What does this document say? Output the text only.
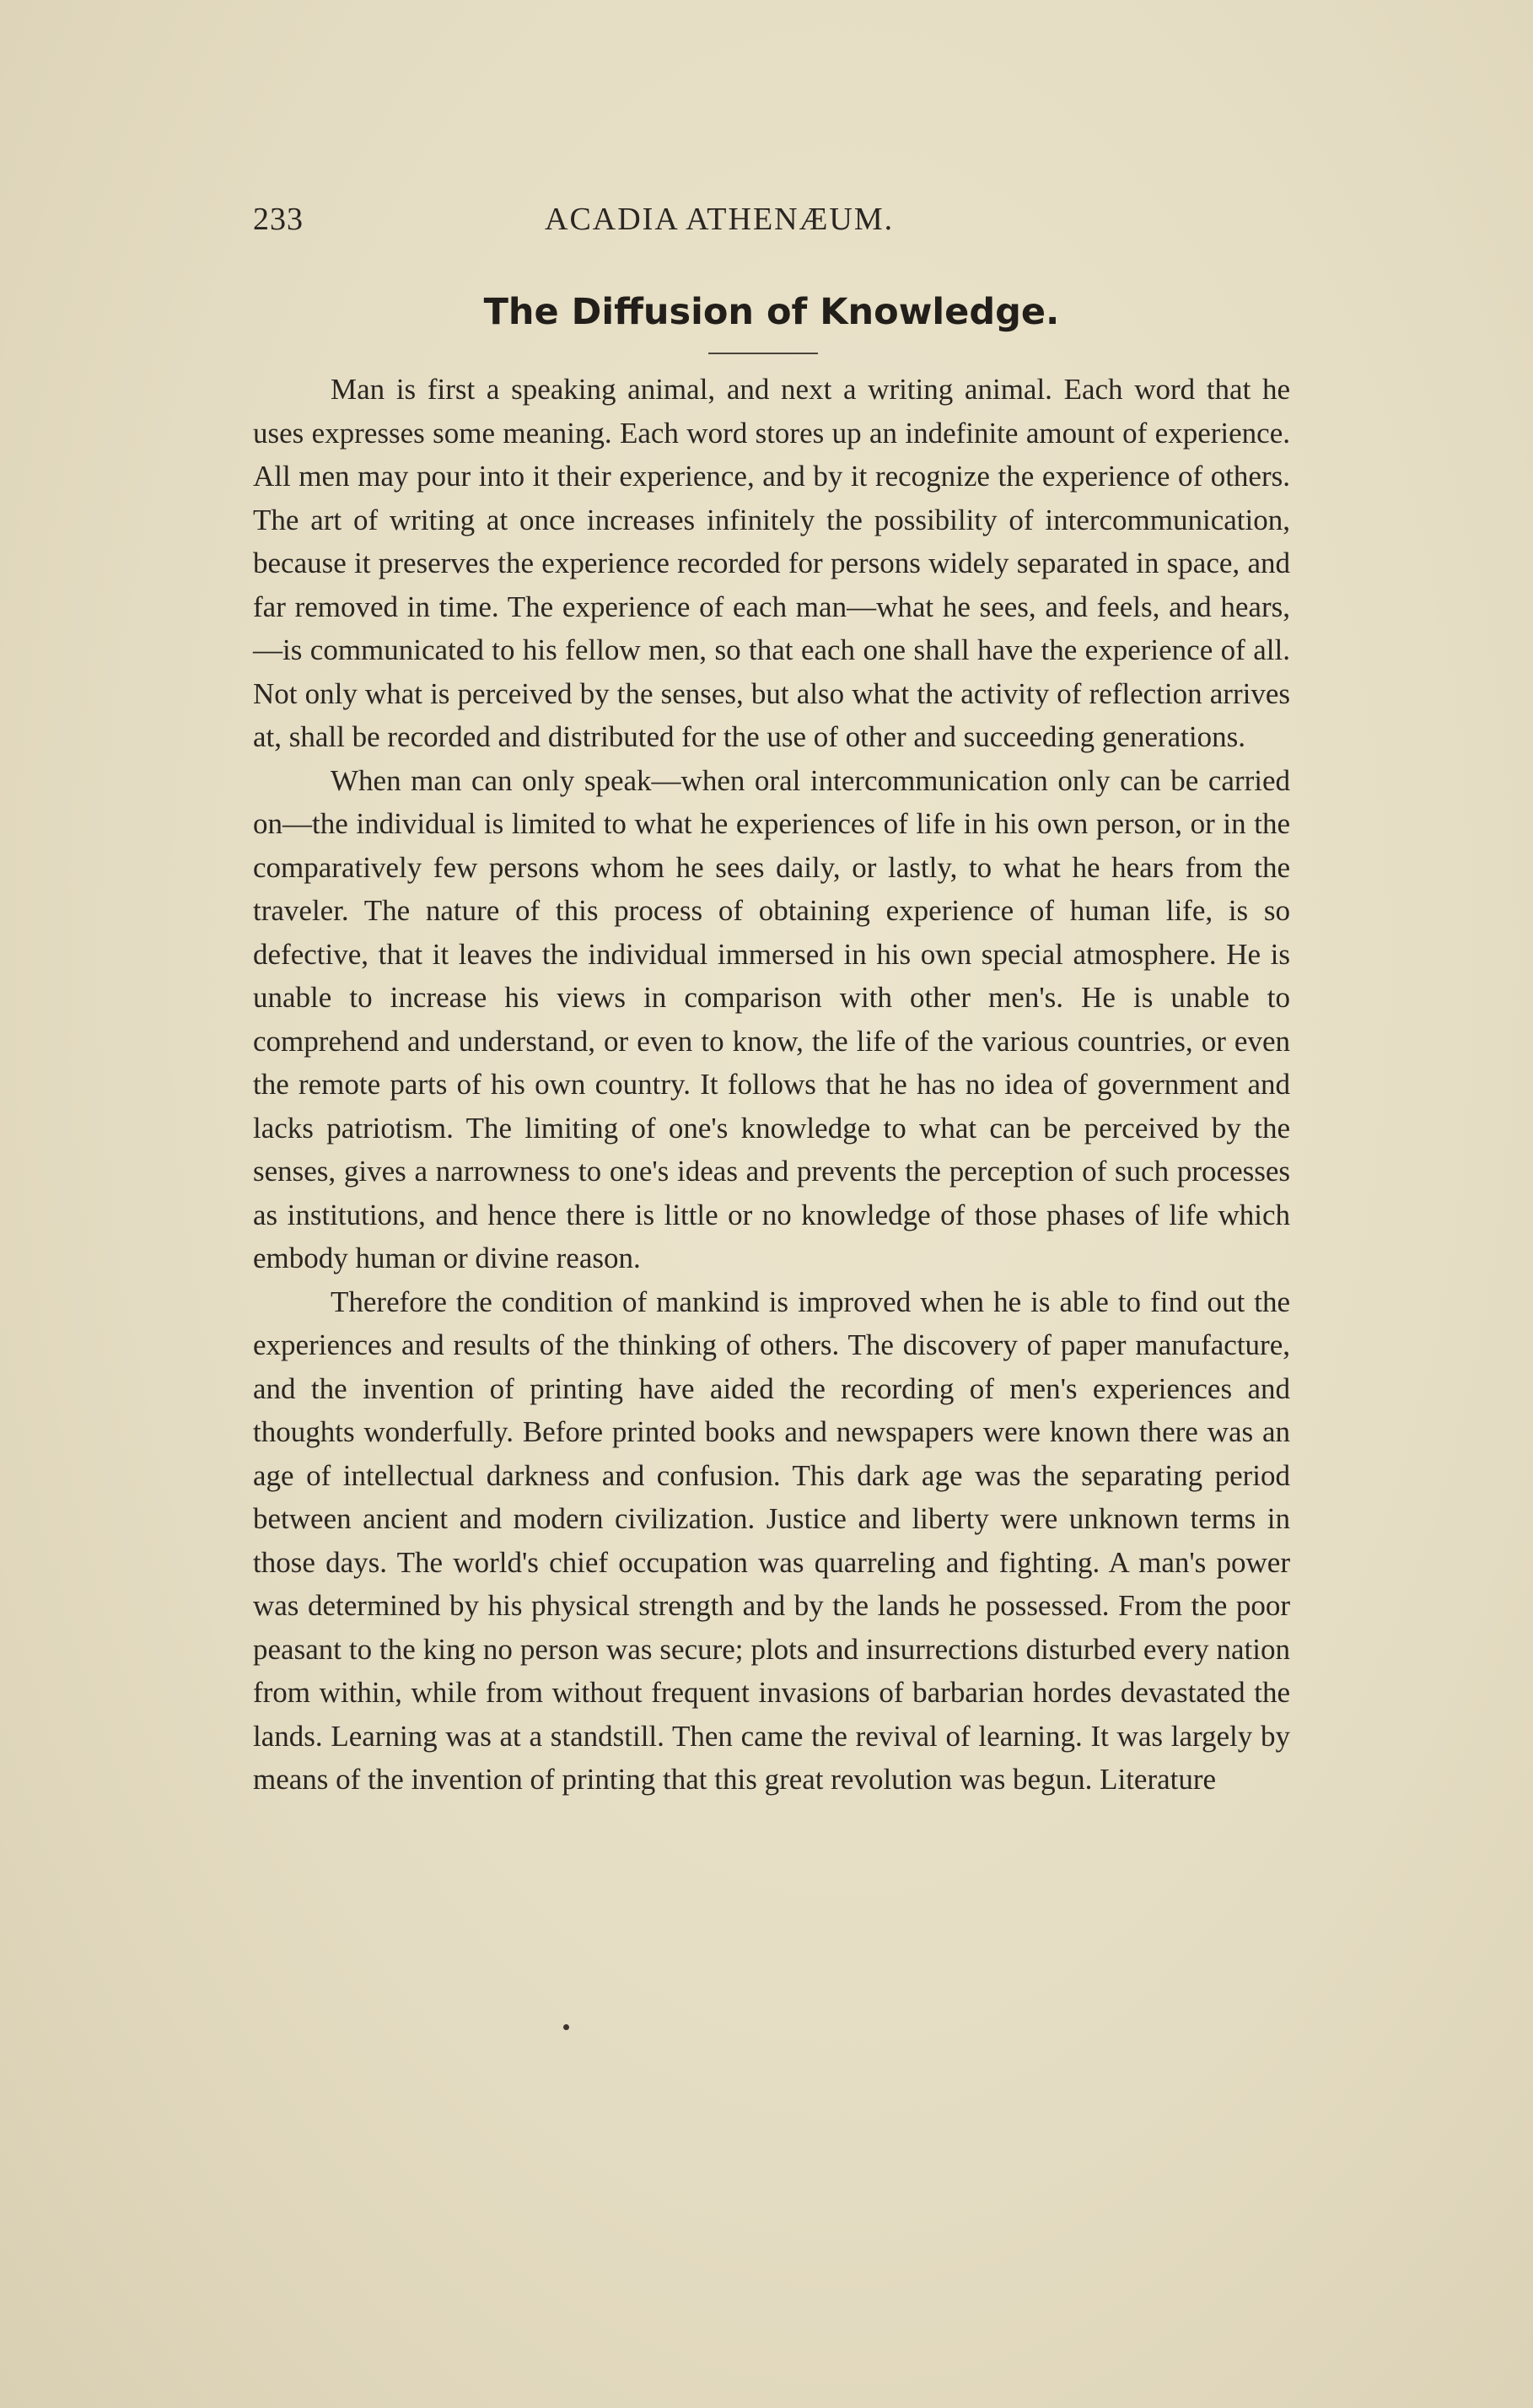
233	ACADIA ATHENÆUM.
The Diffusion of Knowledge.

Man is first a speaking animal, and next a writing animal. Each word that he uses expresses some meaning. Each word stores up an indefinite amount of experience. All men may pour into it their experience, and by it recognize the experience of others. The art of writing at once increases infinitely the possibility of intercommunication, because it preserves the experience recorded for persons widely separated in space, and far removed in time. The experience of each man—what he sees, and feels, and hears,—is communicated to his fellow men, so that each one shall have the experience of all. Not only what is perceived by the senses, but also what the activity of reflection arrives at, shall be recorded and distributed for the use of other and succeeding generations.

When man can only speak—when oral intercommunication only can be carried on—the individual is limited to what he experiences of life in his own person, or in the comparatively few persons whom he sees daily, or lastly, to what he hears from the traveler. The nature of this process of obtaining experience of human life, is so defective, that it leaves the individual immersed in his own special atmosphere. He is unable to increase his views in comparison with other men's. He is unable to comprehend and understand, or even to know, the life of the various countries, or even the remote parts of his own country. It follows that he has no idea of government and lacks patriotism. The limiting of one's knowledge to what can be perceived by the senses, gives a narrowness to one's ideas and prevents the perception of such processes as institutions, and hence there is little or no knowledge of those phases of life which embody human or divine reason.

Therefore the condition of mankind is improved when he is able to find out the experiences and results of the thinking of others. The discovery of paper manufacture, and the invention of printing have aided the recording of men's experiences and thoughts wonderfully. Before printed books and newspapers were known there was an age of intellectual darkness and confusion. This dark age was the separating period between ancient and modern civilization. Justice and liberty were unknown terms in those days. The world's chief occupation was quarreling and fighting. A man's power was determined by his physical strength and by the lands he possessed. From the poor peasant to the king no person was secure; plots and insurrections disturbed every nation from within, while from without frequent invasions of barbarian hordes devastated the lands. Learning was at a standstill. Then came the revival of learning. It was largely by means of the invention of printing that this great revolution was begun. Literature
